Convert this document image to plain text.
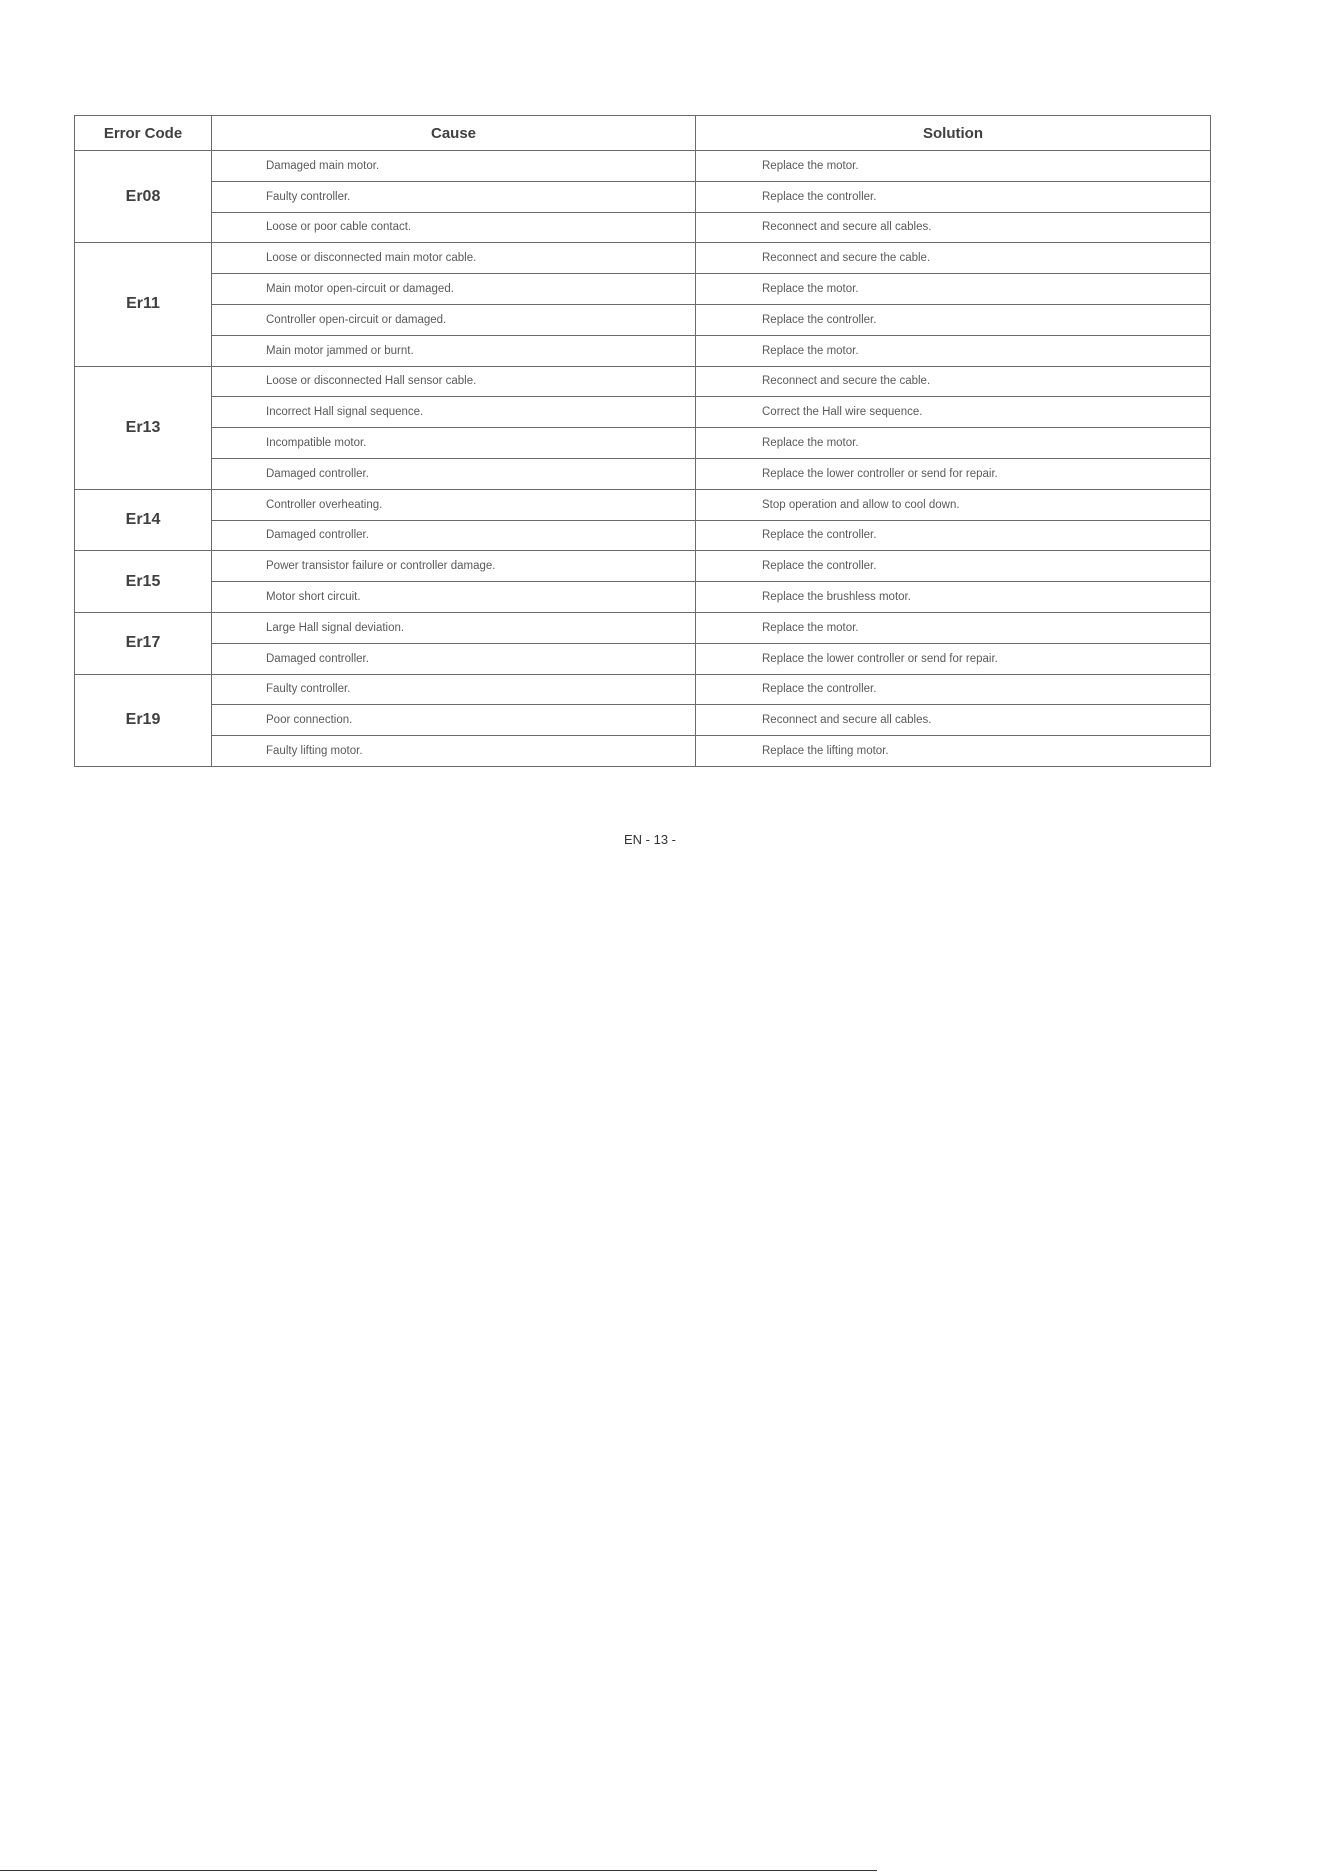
Error Code	Cause	Solution
Er08	Damaged main motor.	Replace the motor.
	Faulty controller.	Replace the controller.
	Loose or poor cable contact.	Reconnect and secure all cables.
Er11	Loose or disconnected main motor cable.	Reconnect and secure the cable.
	Main motor open-circuit or damaged.	Replace the motor.
	Controller open-circuit or damaged.	Replace the controller.
	Main motor jammed or burnt.	Replace the motor.
Er13	Loose or disconnected Hall sensor cable.	Reconnect and secure the cable.
	Incorrect Hall signal sequence.	Correct the Hall wire sequence.
	Incompatible motor.	Replace the motor.
	Damaged controller.	Replace the lower controller or send for repair.
Er14	Controller overheating.	Stop operation and allow to cool down.
	Damaged controller.	Replace the controller.
Er15	Power transistor failure or controller damage.	Replace the controller.
	Motor short circuit.	Replace the brushless motor.
Er17	Large Hall signal deviation.	Replace the motor.
	Damaged controller.	Replace the lower controller or send for repair.
Er19	Faulty controller.	Replace the controller.
	Poor connection.	Reconnect and secure all cables.
	Faulty lifting motor.	Replace the lifting motor.
EN - 13 -
